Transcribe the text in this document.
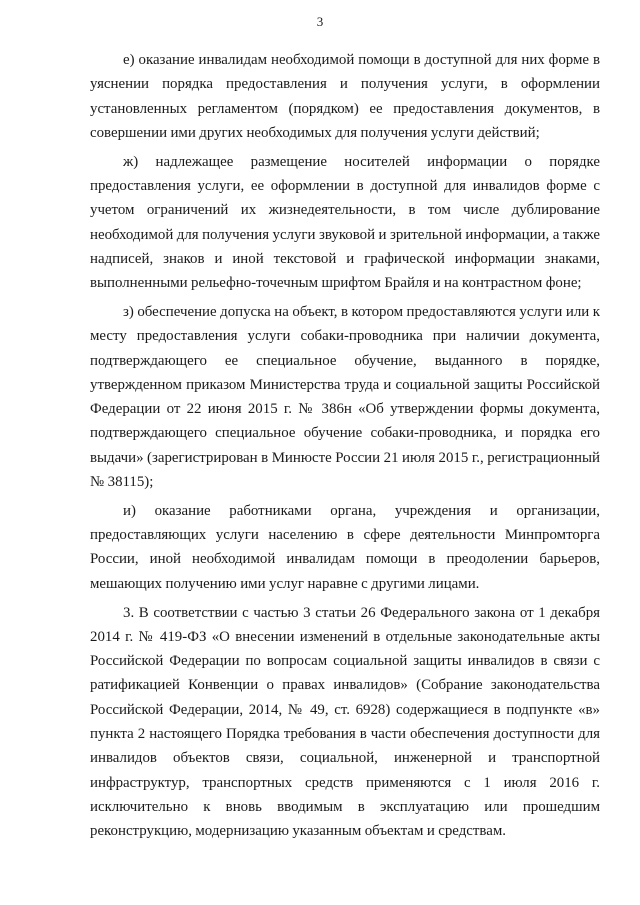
3

е) оказание инвалидам необходимой помощи в доступной для них форме в уяснении порядка предоставления и получения услуги, в оформлении установленных регламентом (порядком) ее предоставления документов, в совершении ими других необходимых для получения услуги действий;

ж) надлежащее размещение носителей информации о порядке предоставления услуги, ее оформлении в доступной для инвалидов форме с учетом ограничений их жизнедеятельности, в том числе дублирование необходимой для получения услуги звуковой и зрительной информации, а также надписей, знаков и иной текстовой и графической информации знаками, выполненными рельефно-точечным шрифтом Брайля и на контрастном фоне;

з) обеспечение допуска на объект, в котором предоставляются услуги или к месту предоставления услуги собаки-проводника при наличии документа, подтверждающего ее специальное обучение, выданного в порядке, утвержденном приказом Министерства труда и социальной защиты Российской Федерации от 22 июня 2015 г. № 386н «Об утверждении формы документа, подтверждающего специальное обучение собаки-проводника, и порядка его выдачи» (зарегистрирован в Минюсте России 21 июля 2015 г., регистрационный № 38115);

и) оказание работниками органа, учреждения и организации, предоставляющих услуги населению в сфере деятельности Минпромторга России, иной необходимой инвалидам помощи в преодолении барьеров, мешающих получению ими услуг наравне с другими лицами.

3. В соответствии с частью 3 статьи 26 Федерального закона от 1 декабря 2014 г. № 419-ФЗ «О внесении изменений в отдельные законодательные акты Российской Федерации по вопросам социальной защиты инвалидов в связи с ратификацией Конвенции о правах инвалидов» (Собрание законодательства Российской Федерации, 2014, № 49, ст. 6928) содержащиеся в подпункте «в» пункта 2 настоящего Порядка требования в части обеспечения доступности для инвалидов объектов связи, социальной, инженерной и транспортной инфраструктур, транспортных средств применяются с 1 июля 2016 г. исключительно к вновь вводимым в эксплуатацию или прошедшим реконструкцию, модернизацию указанным объектам и средствам.
